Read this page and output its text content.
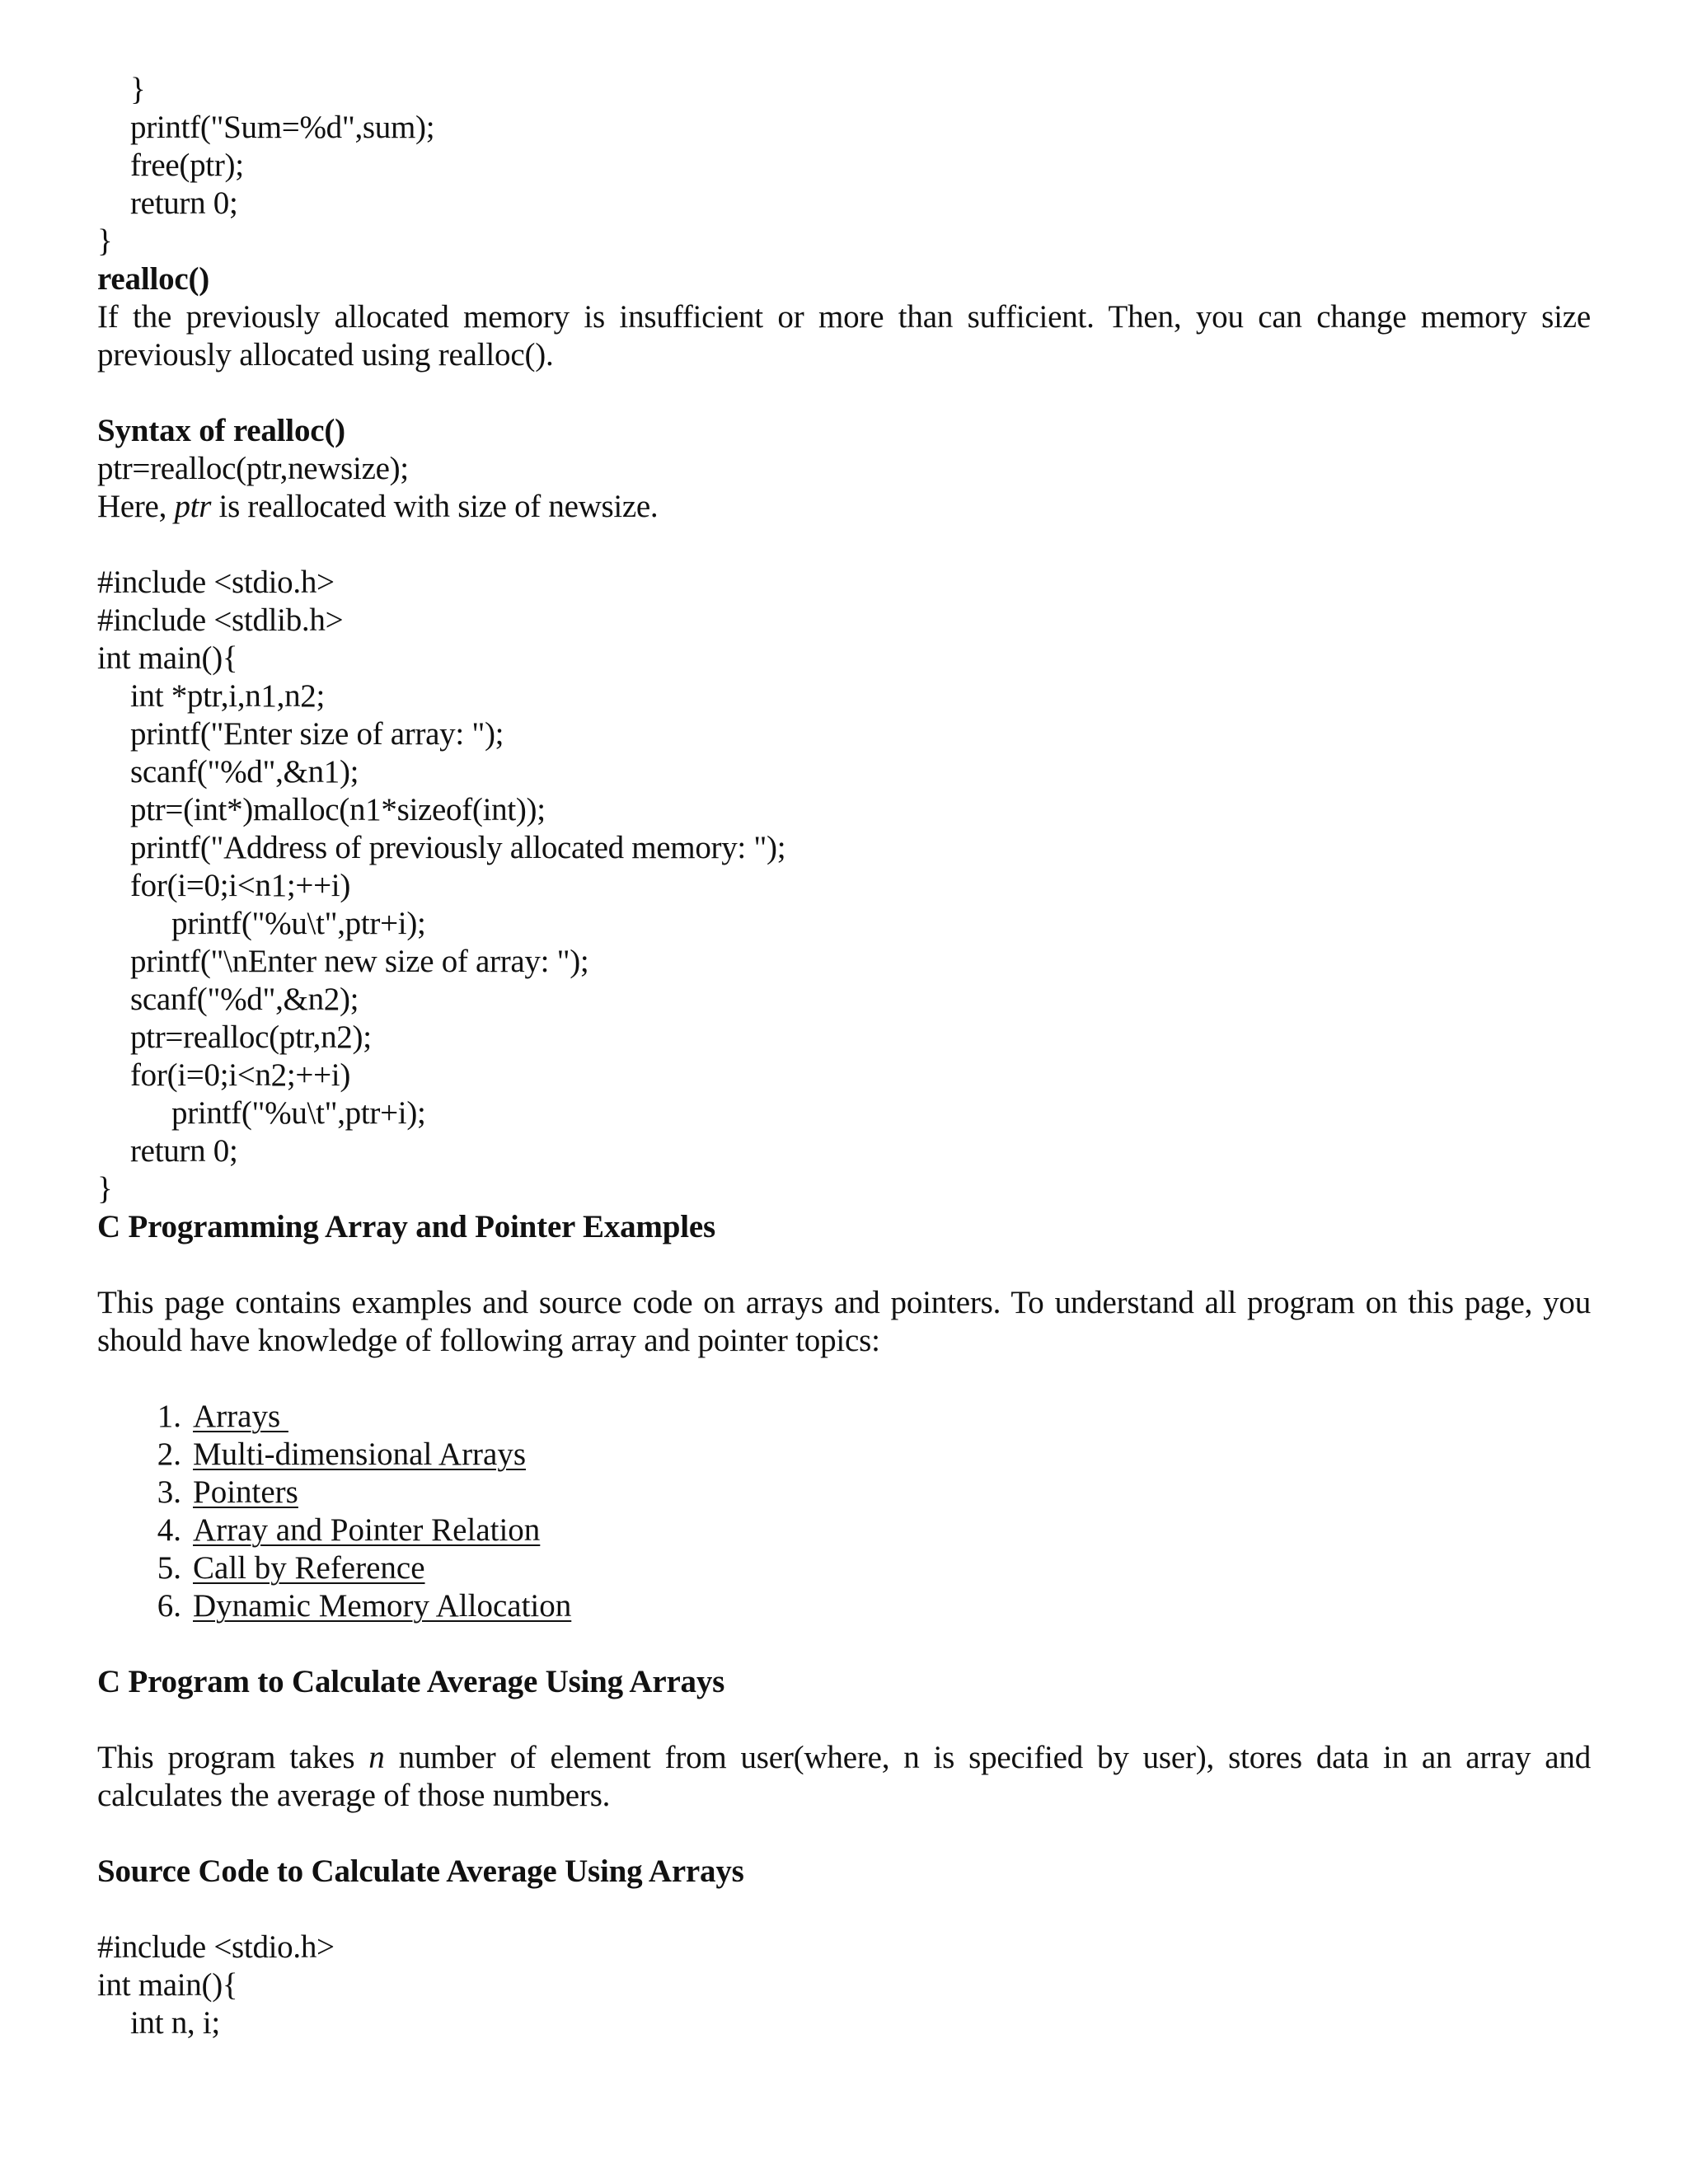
}
printf("Sum=%d",sum);
free(ptr);
return 0;
}
realloc()
If the previously allocated memory is insufficient or more than sufficient. Then, you can change memory size previously allocated using realloc().
Syntax of realloc()
ptr=realloc(ptr,newsize);
Here, ptr is reallocated with size of newsize.
#include <stdio.h>
#include <stdlib.h>
int main(){
int *ptr,i,n1,n2;
printf("Enter size of array: ");
scanf("%d",&n1);
ptr=(int*)malloc(n1*sizeof(int));
printf("Address of previously allocated memory: ");
for(i=0;i<n1;++i)
printf("%u\t",ptr+i);
printf("\nEnter new size of array: ");
scanf("%d",&n2);
ptr=realloc(ptr,n2);
for(i=0;i<n2;++i)
printf("%u\t",ptr+i);
return 0;
}
C Programming Array and Pointer Examples
This page contains examples and source code on arrays and pointers. To understand all program on this page, you should have knowledge of following array and pointer topics:
1. Arrays
2. Multi-dimensional Arrays
3. Pointers
4. Array and Pointer Relation
5. Call by Reference
6. Dynamic Memory Allocation
C Program to Calculate Average Using Arrays
This program takes n number of element from user(where, n is specified by user), stores data in an array and calculates the average of those numbers.
Source Code to Calculate Average Using Arrays
#include <stdio.h>
int main(){
int n, i;
